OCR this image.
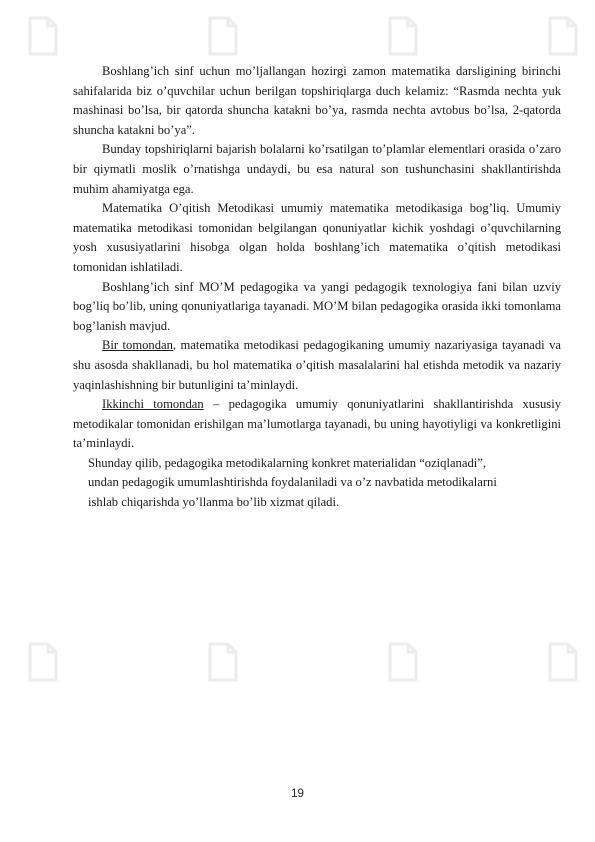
Boshlang’ich sinf uchun mo’ljallangan hozirgi zamon matematika darsligining birinchi sahifalarida biz o’quvchilar uchun berilgan topshiriqlarga duch kelamiz: “Rasmda nechta yuk mashinasi bo’lsa, bir qatorda shuncha katakni bo’ya, rasmda nechta avtobus bo’lsa, 2-qatorda shuncha katakni bo’ya”.

Bunday topshiriqlarni bajarish bolalarni ko’rsatilgan to’plamlar elementlari orasida o’zaro bir qiymatli moslik o’rnatishga undaydi, bu esa natural son tushunchasini shakllantirishda muhim ahamiyatga ega.

Matematika O’qitish Metodikasi umumiy matematika metodikasiga bog’liq. Umumiy matematika metodikasi tomonidan belgilangan qonuniyatlar kichik yoshdagi o’quvchilarning yosh xususiyatlarini hisobga olgan holda boshlang’ich matematika o’qitish metodikasi tomonidan ishlatiladi.

Boshlang’ich sinf MO’M pedagogika va yangi pedagogik texnologiya fani bilan uzviy bog’liq bo’lib, uning qonuniyatlariga tayanadi. MO’M bilan pedagogika orasida ikki tomonlama bog’lanish mavjud.

Bir tomondan, matematika metodikasi pedagogikaning umumiy nazariyasiga tayanadi va shu asosda shakllanadi, bu hol matematika o’qitish masalalarini hal etishda metodik va nazariy yaqinlashishning bir butunligini ta’minlaydi.

Ikkinchi tomondan – pedagogika umumiy qonuniyatlarini shakllantirishda xususiy metodikalar tomonidan erishilgan ma’lumotlarga tayanadi, bu uning hayotiyligi va konkretligini ta’minlaydi.

Shunday qilib, pedagogika metodikalarning konkret materialidan “oziqlanadi”,

undan pedagogik umumlashtirishda foydalaniladi va o’z navbatida metodikalarni

ishlab chiqarishda yo’llanma bo’lib xizmat qiladi.

19
